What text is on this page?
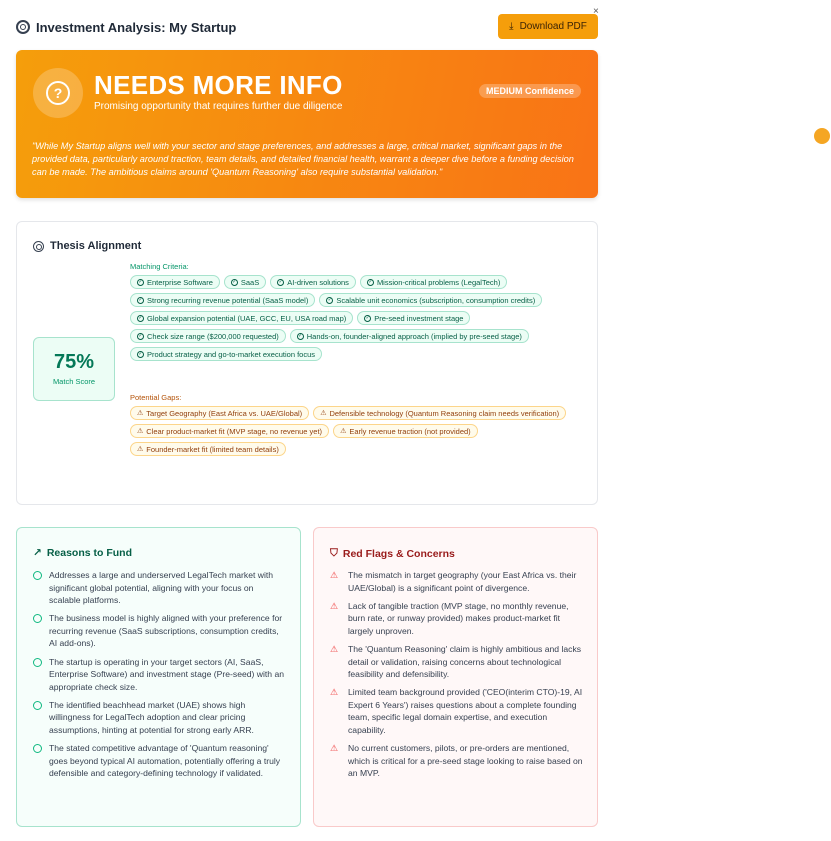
Investment Analysis: My Startup	⤓ Download PDF
×
? NEEDS MORE INFO
Promising opportunity that requires further due diligence
MEDIUM Confidence
"While My Startup aligns well with your sector and stage preferences, and addresses a large, critical market, significant gaps in the provided data, particularly around traction, team details, and detailed financial health, warrant a deeper dive before a funding decision can be made. The ambitious claims around 'Quantum Reasoning' also require substantial validation."
Thesis Alignment
75%
Match Score
Matching Criteria:
✓ Enterprise Software	✓ SaaS	✓ AI-driven solutions	✓ Mission-critical problems (LegalTech)
✓ Strong recurring revenue potential (SaaS model)	✓ Scalable unit economics (subscription, consumption credits)
✓ Global expansion potential (UAE, GCC, EU, USA road map)	✓ Pre-seed investment stage
✓ Check size range ($200,000 requested)	✓ Hands-on, founder-aligned approach (implied by pre-seed stage)
✓ Product strategy and go-to-market execution focus
Potential Gaps:
⚠ Target Geography (East Africa vs. UAE/Global)	⚠ Defensible technology (Quantum Reasoning claim needs verification)
⚠ Clear product-market fit (MVP stage, no revenue yet)	⚠ Early revenue traction (not provided)
⚠ Founder-market fit (limited team details)
↗ Reasons to Fund
Addresses a large and underserved LegalTech market with significant global potential, aligning with your focus on scalable platforms.
The business model is highly aligned with your preference for recurring revenue (SaaS subscriptions, consumption credits, AI add-ons).
The startup is operating in your target sectors (AI, SaaS, Enterprise Software) and investment stage (Pre-seed) with an appropriate check size.
The identified beachhead market (UAE) shows high willingness for LegalTech adoption and clear pricing assumptions, hinting at potential for strong early ARR.
The stated competitive advantage of 'Quantum reasoning' goes beyond typical AI automation, potentially offering a truly defensible and category-defining technology if validated.
⛉ Red Flags & Concerns
⚠	The mismatch in target geography (your East Africa vs. their UAE/Global) is a significant point of divergence.
⚠	Lack of tangible traction (MVP stage, no monthly revenue, burn rate, or runway provided) makes product-market fit largely unproven.
⚠	The 'Quantum Reasoning' claim is highly ambitious and lacks detail or validation, raising concerns about technological feasibility and defensibility.
⚠	Limited team background provided ('CEO(interim CTO)-19, AI Expert 6 Years') raises questions about a complete founding team, specific legal domain expertise, and execution capability.
⚠	No current customers, pilots, or pre-orders are mentioned, which is critical for a pre-seed stage looking to raise based on an MVP.
